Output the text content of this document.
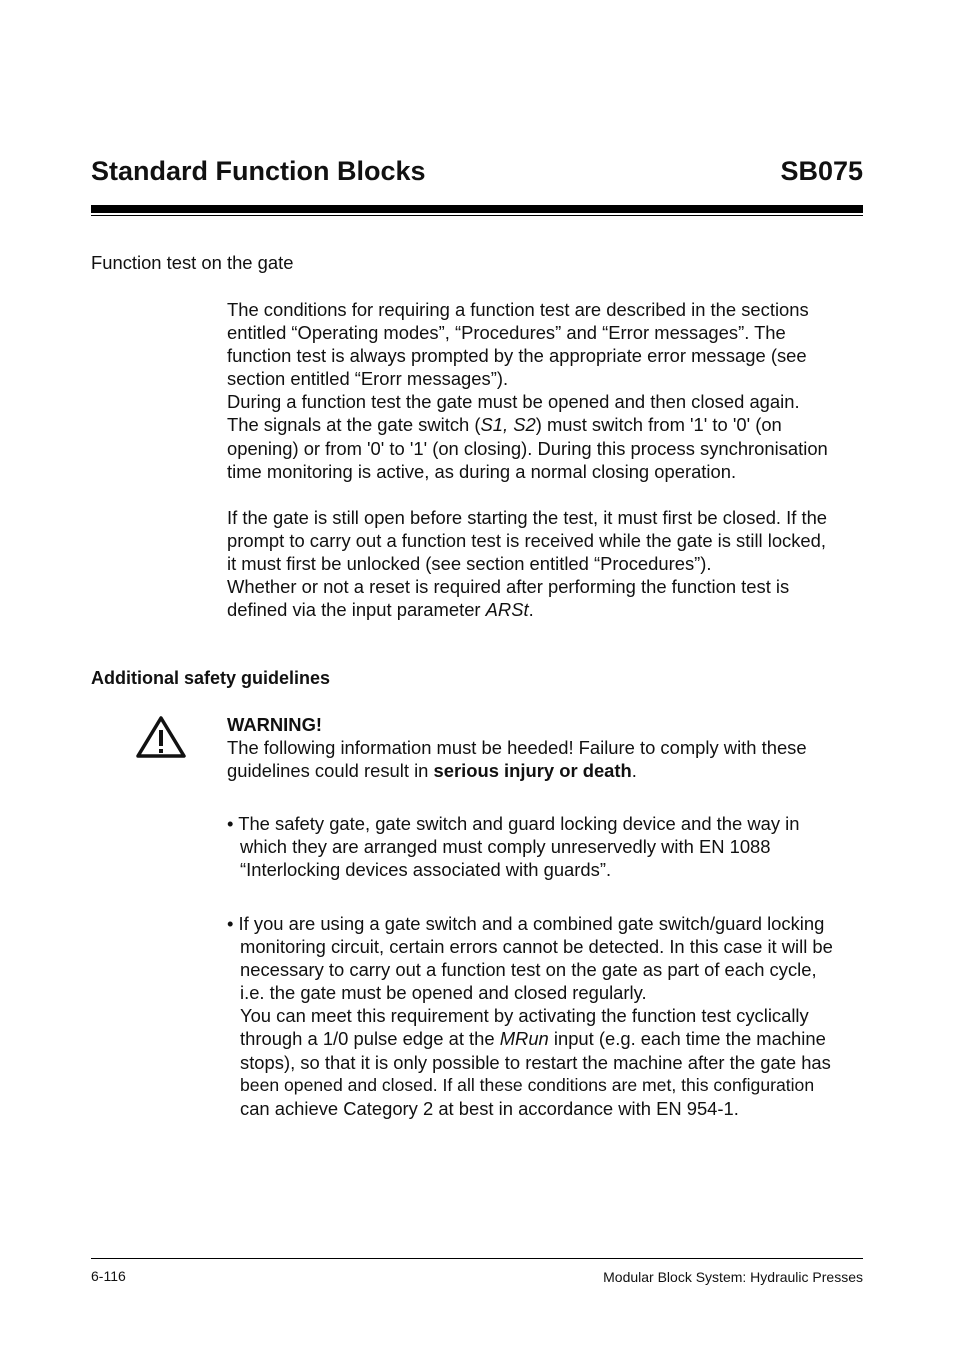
Standard Function Blocks	SB075
Function test on the gate

The conditions for requiring a function test are described in the sections

entitled “Operating modes”, “Procedures” and “Error messages”. The

function test is always prompted by the appropriate error message (see

section entitled “Erorr messages”).

During a function test the gate must be opened and then closed again.

The signals at the gate switch (S1, S2) must switch from '1' to '0' (on

opening) or from '0' to '1' (on closing). During this process synchronisation

time monitoring is active, as during a normal closing operation.

If the gate is still open before starting the test, it must first be closed. If the

prompt to carry out a function test is received while the gate is still locked,

it must first be unlocked (see section entitled “Procedures”).

Whether or not a reset is required after performing the function test is

defined via the input parameter ARSt.

Additional safety guidelines

WARNING!

The following information must be heeded! Failure to comply with these

guidelines could result in serious injury or death.

• The safety gate, gate switch and guard locking device and the way in

which they are arranged must comply unreservedly with EN 1088

“Interlocking devices associated with guards”.

• If you are using a gate switch and a combined gate switch/guard locking

monitoring circuit, certain errors cannot be detected. In this case it will be

necessary to carry out a function test on the gate as part of each cycle,

i.e. the gate must be opened and closed regularly.

You can meet this requirement by activating the function test cyclically

through a 1/0 pulse edge at the MRun input (e.g. each time the machine

stops), so that it is only possible to restart the machine after the gate has

been opened and closed. If all these conditions are met, this configuration

can achieve Category 2 at best in accordance with EN 954-1.

6-116	Modular Block System: Hydraulic Presses
